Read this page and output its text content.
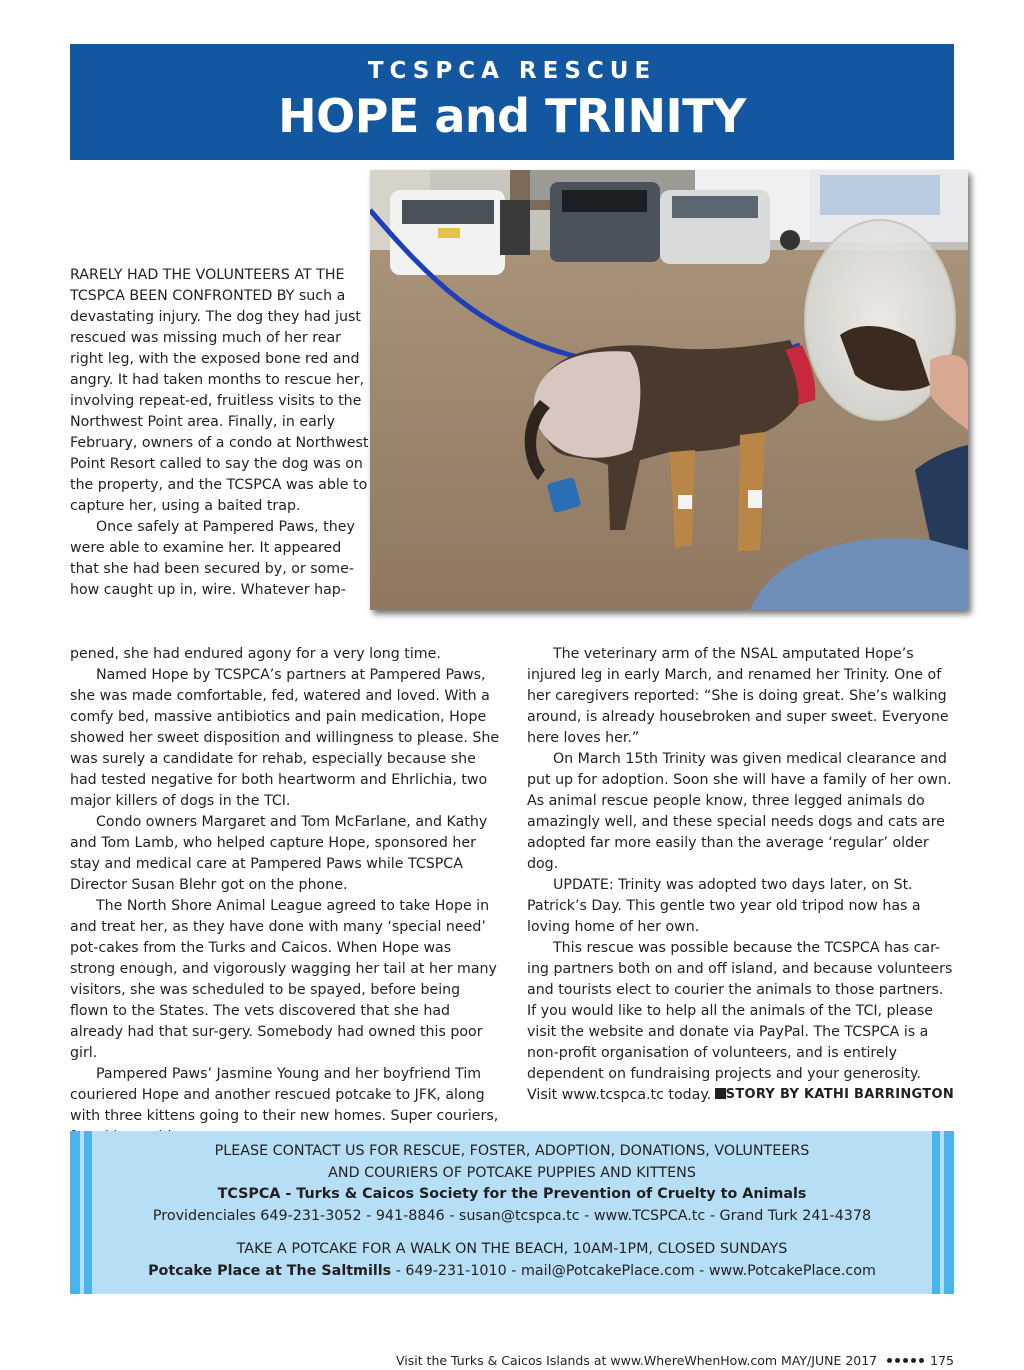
TCSPCA RESCUE
HOPE and TRINITY

RARELY HAD THE VOLUNTEERS AT THE TCSPCA BEEN CONFRONTED BY such a devastating injury. The dog they had just rescued was missing much of her rear right leg, with the exposed bone red and angry. It had taken months to rescue her, involving repeat-ed, fruitless visits to the Northwest Point area. Finally, in early February, owners of a condo at Northwest Point Resort called to say the dog was on the property, and the TCSPCA was able to capture her, using a baited trap.

Once safely at Pampered Paws, they were able to examine her. It appeared that she had been secured by, or some-how caught up in, wire. Whatever hap-

pened, she had endured agony for a very long time.

Named Hope by TCSPCA’s partners at Pampered Paws, she was made comfortable, fed, watered and loved. With a comfy bed, massive antibiotics and pain medication, Hope showed her sweet disposition and willingness to please. She was surely a candidate for rehab, especially because she had tested negative for both heartworm and Ehrlichia, two major killers of dogs in the TCI.

Condo owners Margaret and Tom McFarlane, and Kathy and Tom Lamb, who helped capture Hope, sponsored her stay and medical care at Pampered Paws while TCSPCA Director Susan Blehr got on the phone.

The North Shore Animal League agreed to take Hope in and treat her, as they have done with many ‘special need’ pot-cakes from the Turks and Caicos. When Hope was strong enough, and vigorously wagging her tail at her many visitors, she was scheduled to be spayed, before being flown to the States. The vets discovered that she had already had that sur-gery. Somebody had owned this poor girl.

Pampered Paws’ Jasmine Young and her boyfriend Tim couriered Hope and another rescued potcake to JFK, along with three kittens going to their new homes. Super couriers,

The veterinary arm of the NSAL amputated Hope’s injured leg in early March, and renamed her Trinity. One of her caregivers reported: “She is doing great. She’s walking around, is already housebroken and super sweet. Everyone here loves her.”

On March 15th Trinity was given medical clearance and put up for adoption. Soon she will have a family of her own. As animal rescue people know, three legged animals do amazingly well, and these special needs dogs and cats are adopted far more easily than the average ‘regular’ older dog.

UPDATE: Trinity was adopted two days later, on St. Patrick’s Day. This gentle two year old tripod now has a loving home of her own.

This rescue was possible because the TCSPCA has car-ing partners both on and off island, and because volunteers and tourists elect to courier the animals to those partners. If you would like to help all the animals of the TCI, please visit the website and donate via PayPal. The TCSPCA is a non-profit organisation of volunteers, and is entirely dependent on fundraising projects and your generosity. Visit www.tcspca.tc today.	STORY BY KATHI BARRINGTON
PLEASE CONTACT US FOR RESCUE, FOSTER, ADOPTION, DONATIONS, VOLUNTEERS
AND COURIERS OF POTCAKE PUPPIES AND KITTENS
TCSPCA - Turks & Caicos Society for the Prevention of Cruelty to Animals
Providenciales 649-231-3052 - 941-8846 - susan@tcspca.tc - www.TCSPCA.tc - Grand Turk 241-4378
TAKE A POTCAKE FOR A WALK ON THE BEACH, 10AM-1PM, CLOSED SUNDAYS
Potcake Place at The Saltmills - 649-231-1010 - mail@PotcakePlace.com - www.PotcakePlace.com
Visit the Turks & Caicos Islands at www.WhereWhenHow.com MAY/JUNE 2017	175
